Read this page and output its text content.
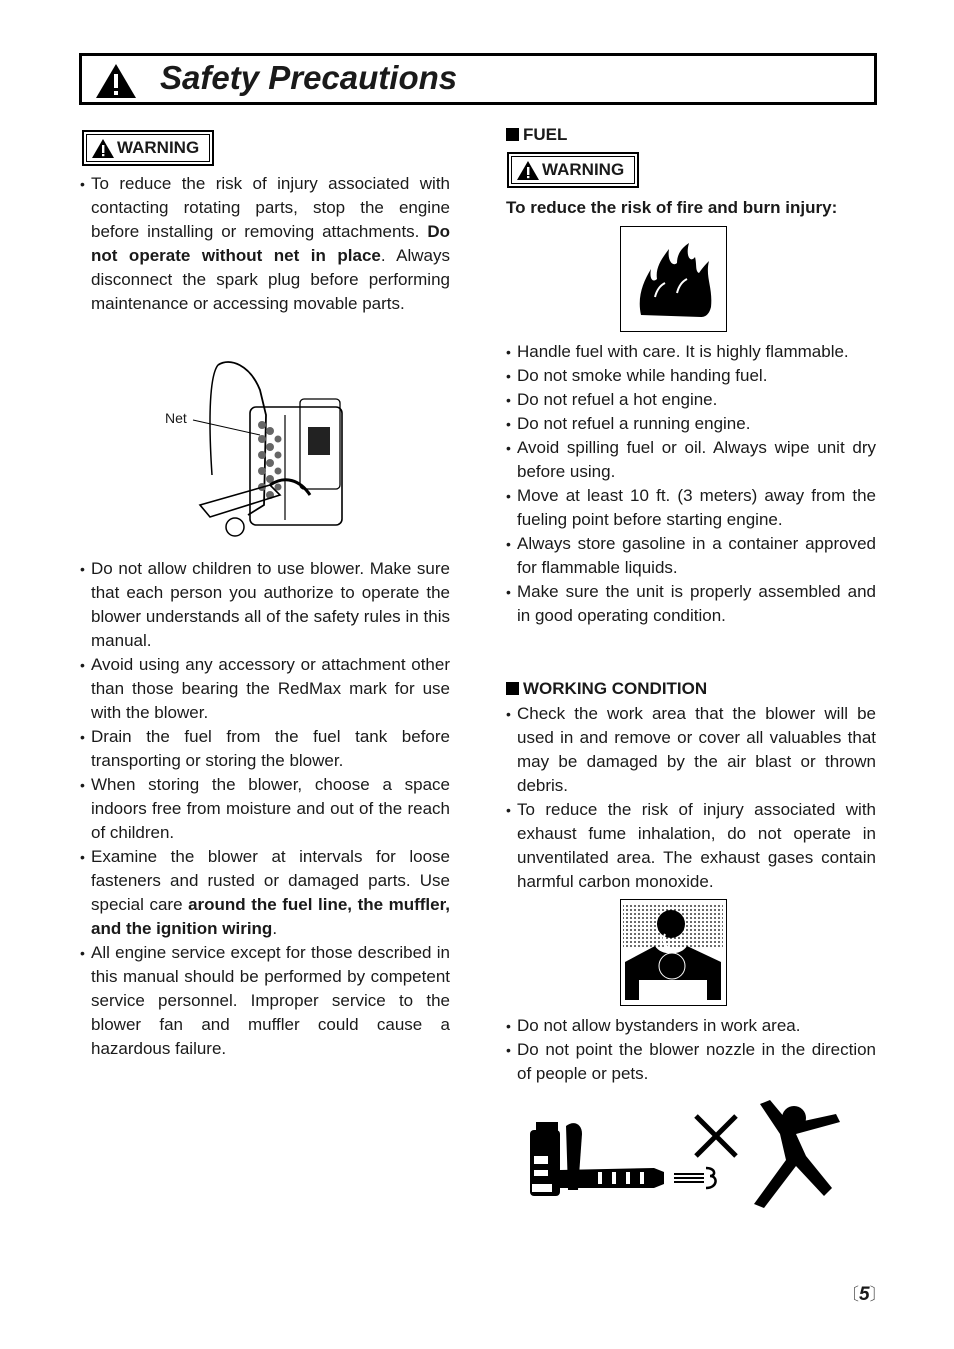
Safety Precautions
WARNING
• To reduce the risk of injury associated with contacting rotating parts, stop the engine before installing or removing attachments. Do not operate without net in place. Always disconnect the spark plug before performing maintenance or accessing movable parts.
Net
• Do not allow children to use blower. Make sure that each person you authorize to operate the blower understands all of the safety rules in this manual.
• Avoid using any accessory or attachment other than those bearing the RedMax mark for use with the blower.
• Drain the fuel from the fuel tank before transporting or storing the blower.
• When storing the blower, choose a space indoors free from moisture and out of the reach of children.
• Examine the blower at intervals for loose fasteners and rusted or damaged parts. Use special care around the fuel line, the muffler, and the ignition wiring.
• All engine service except for those described in this manual should be performed by competent service personnel. Improper service to the blower fan and muffler could cause a hazardous failure.
FUEL
WARNING
To reduce the risk of fire and burn injury:
• Handle fuel with care. It is highly flammable.
• Do not smoke while handing fuel.
• Do not refuel a hot engine.
• Do not refuel a running engine.
• Avoid spilling fuel or oil. Always wipe unit dry before using.
• Move at least 10 ft. (3 meters) away from the fueling point before starting engine.
• Always store gasoline in a container approved for flammable liquids.
• Make sure the unit is properly assembled and in good operating condition.
WORKING CONDITION
• Check the work area that the blower will be used in and remove or cover all valuables that may be damaged by the air blast or thrown debris.
• To reduce the risk of injury associated with exhaust fume inhalation, do not operate in unventilated area. The exhaust gases contain harmful carbon monoxide.
• Do not allow bystanders in work area.
• Do not point the blower nozzle in the direction of people or pets.
〔5〕
